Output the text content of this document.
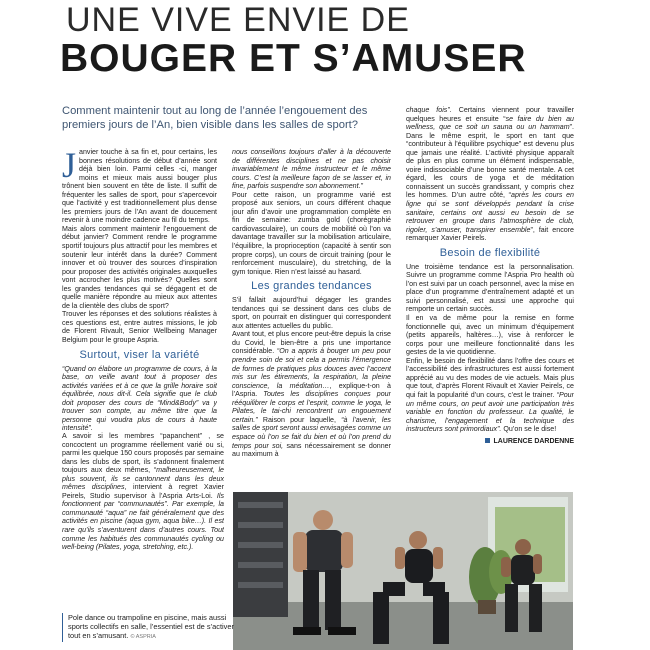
UNE VIVE ENVIE DE
BOUGER ET S’AMUSER
Comment maintenir tout au long de l’année l’engouement des premiers jours de l’An, bien visible dans les salles de sport?

Janvier touche à sa fin et, pour certains, les bonnes résolutions de début d’année sont déjà bien loin. Parmi celles -ci, manger moins et mieux mais aussi bouger plus trônent bien souvent en tête de liste. Il suffit de fréquenter les salles de sport, pour s’apercevoir que l’activité y est traditionnellement plus dense les premiers jours de l’An avant de doucement revenir à une moindre cadence au fil du temps.

Mais alors comment maintenir l’engouement de début janvier? Comment rendre le programme sportif toujours plus attractif pour les membres et soutenir leur intérêt dans la durée? Comment innover et où trouver des sources d’inspiration pour proposer des activités originales auxquelles vont accrocher les plus motivés? Quelles sont les grandes tendances qui se dégagent et de quelle manière répondre au mieux aux attentes de la clientèle des clubs de sport?

Trouver les réponses et des solutions réalistes à ces questions est, entre autres missions, le job de Florent Rivault, Senior Wellbeing Manager Belgium pour le groupe Aspria.

Surtout, viser la variété

“Quand on élabore un programme de cours, à la base, on veille avant tout à proposer des activités variées et à ce que la grille horaire soit équilibrée, nous dit-il. Cela signifie que le club doit proposer des cours de “Mind&Body” va y trouver son compte, au même titre que la personne qui voudra plus de cours à haute intensité”.

A savoir si les membres “papanchent” , se concoctent un programme réellement varié ou si, parmi les quelque 150 cours proposés par semaine dans les clubs de sport, ils s’adonnent finalement toujours aux deux mêmes, “malheureusement, le plus souvent, ils se cantonnent dans les deux mêmes disciplines, intervient à regret Xavier Peirels, Studio supervisor à l’Aspria Arts-Loi. Ils fonctionnent par “communautés”. Par exemple, la communauté “aqua” ne fait généralement que des activités en piscine (aqua gym, aqua bike…). Il est rare qu’ils s’aventurent dans d’autres cours. Tout comme les habitués des communautés cycling ou well-being (Pilates, yoga, stretching, etc.).

nous conseillons toujours d’aller à la découverte de différentes disciplines et ne pas choisir invariablement le même instructeur et le même cours. C’est la meilleure façon de se lasser et, in fine, parfois suspendre son abonnement.”

Pour cette raison, un programme varié est proposé aux seniors, un cours différent chaque jour afin d’avoir une programmation complète en fin de semaine: zumba gold (chorégraphié cardiovasculaire), un cours de mobilité où l’on va davantage travailler sur la mobilisation articulaire, l’équilibre, la proprioception (capacité à sentir son propre corps), un cours de circuit training (pour le renforcement musculaire), du stretching, de la gym tonique. Rien n’est laissé au hasard.

Les grandes tendances

S’il fallait aujourd’hui dégager les grandes tendances qui se dessinent dans ces clubs de sport, on pourrait en distinguer qui correspondent aux attentes actuelles du public.

Avant tout, et plus encore peut-être depuis la crise du Covid, le bien-être a pris une importance considérable. “On a appris à bouger un peu pour prendre soin de soi et cela a permis l’émergence de formes de pratiques plus douces avec l’accent mis sur les étirements, la respiration, la pleine conscience, la méditation…, explique-t-on à l’Aspria. Toutes les disciplines conçues pour rééquilibrer le corps et l’esprit, comme le yoga, le Pilates, le tai-chi rencontrent un engouement certain.” Raison pour laquelle, “à l’avenir, les salles de sport seront aussi envisagées comme un espace où l’on se fait du bien et où l’on prend du temps pour soi, sans nécessairement se donner au maximum à

chaque fois”. Certains viennent pour travailler quelques heures et ensuite “se faire du bien au wellness, que ce soit un sauna ou un hammam”. Dans le même esprit, le sport en tant que “contributeur à l’équilibre psychique” est devenu plus que jamais une réalité. L’activité physique apparaît de plus en plus comme un élément indispensable, voire indissociable d’une bonne santé mentale. A cet égard, les cours de yoga et de méditation connaissent un succès grandissant, y compris chez les hommes. D’un autre côté, “après les cours en ligne qui se sont développés pendant la crise sanitaire, certains ont aussi eu besoin de se retrouver en groupe dans l’atmosphère de club, rigoler, s’amuser, transpirer ensemble”, fait encore remarquer Xavier Peirels.

Besoin de flexibilité

Une troisième tendance est la personnalisation. Suivre un programme comme l’Aspria Pro health où l’on est suivi par un coach personnel, avec la mise en place d’un programme d’entraînement adapté et un suivi personnalisé, est aussi une approche qui remporte un certain succès.

Il en va de même pour la remise en forme fonctionnelle qui, avec un minimum d’équipement (petits appareils, haltères…), vise à renforcer le corps pour une meilleure fonctionnalité dans les gestes de la vie quotidienne.

Enfin, le besoin de flexibilité dans l’offre des cours et l’accessibilité des infrastructures est aussi fortement apprécié au vu des modes de vie actuels. Mais plus que tout, d’après Florent Rivault et Xavier Peirels, ce qui fait la popularité d’un cours, c’est le trainer. “Pour un même cours, on peut avoir une participation très variable en fonction du professeur. La qualité, le charisme, l’engagement et la technique des instructeurs sont primordiaux”. Qu’on se le dise!

LAURENCE DARDENNE

Pole dance ou trampoline en piscine, mais aussi sports collectifs en salle, l’essentiel est de s’activer tout en s’amusant. © ASPRIA
